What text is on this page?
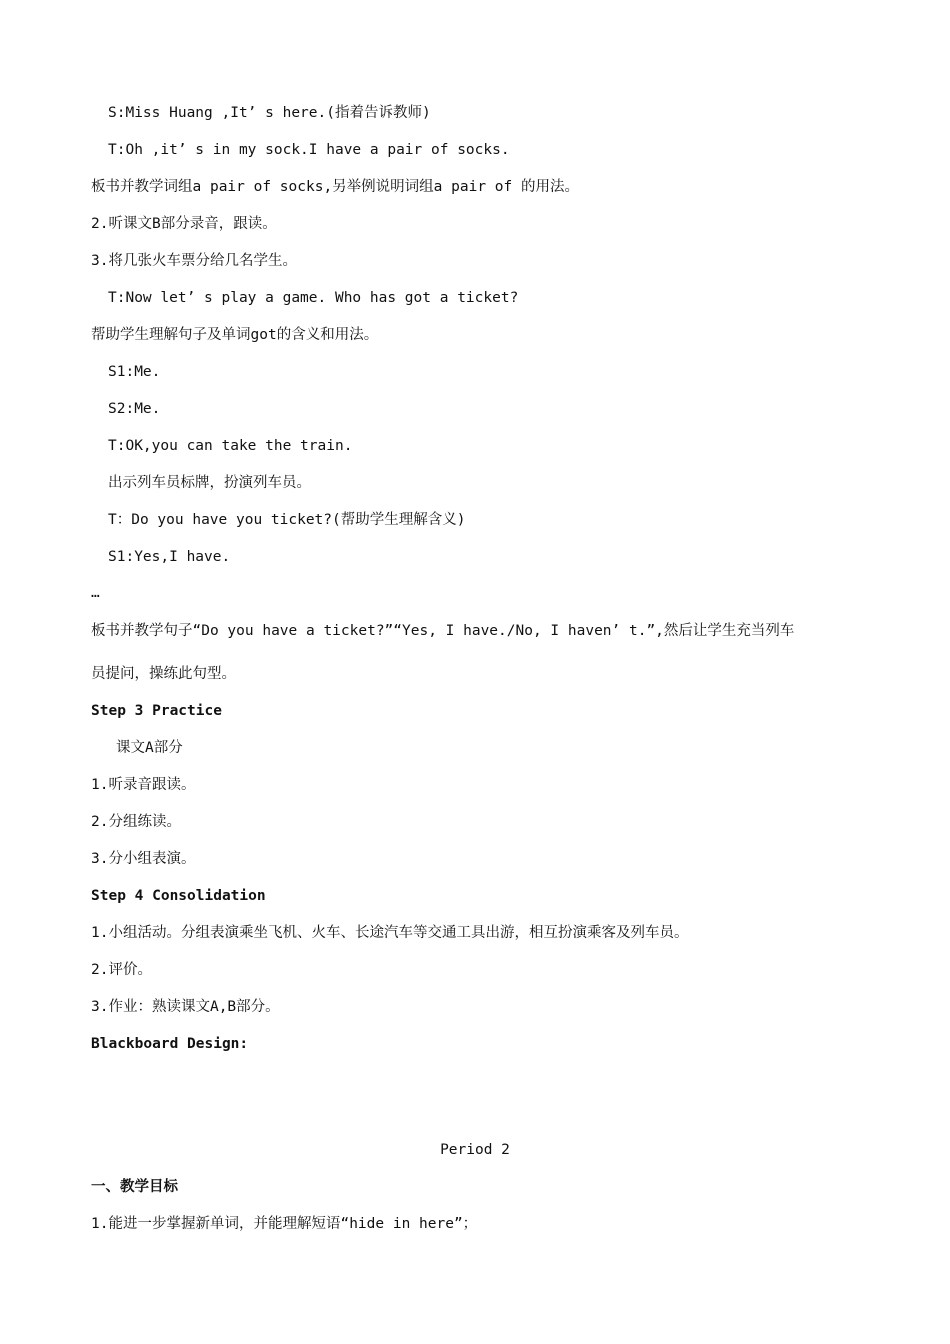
S:Miss Huang ,It’ s here.(指着告诉教师)
T:Oh ,it’ s in my sock.I have a pair of socks.
板书并教学词组a pair of socks,另举例说明词组a pair of 的用法。
2.听课文B部分录音，跟读。
3.将几张火车票分给几名学生。
T:Now let’ s play a game. Who has got a ticket?
帮助学生理解句子及单词got的含义和用法。
S1:Me.
S2:Me.
T:OK,you can take the train.
出示列车员标牌，扮演列车员。
T：Do you have you ticket?(帮助学生理解含义)
S1:Yes,I have.
…
板书并教学句子“Do you have a ticket?”“Yes, I have./No, I haven’ t.”,然后让学生充当列车
员提问，操练此句型。
Step 3 Practice
课文A部分
1.听录音跟读。
2.分组练读。
3.分小组表演。
Step 4 Consolidation
1.小组活动。分组表演乘坐飞机、火车、长途汽车等交通工具出游，相互扮演乘客及列车员。
2.评价。
3.作业：熟读课文A,B部分。
Blackboard Design:
Period 2
一、教学目标
1.能进一步掌握新单词，并能理解短语“hide in here”；
